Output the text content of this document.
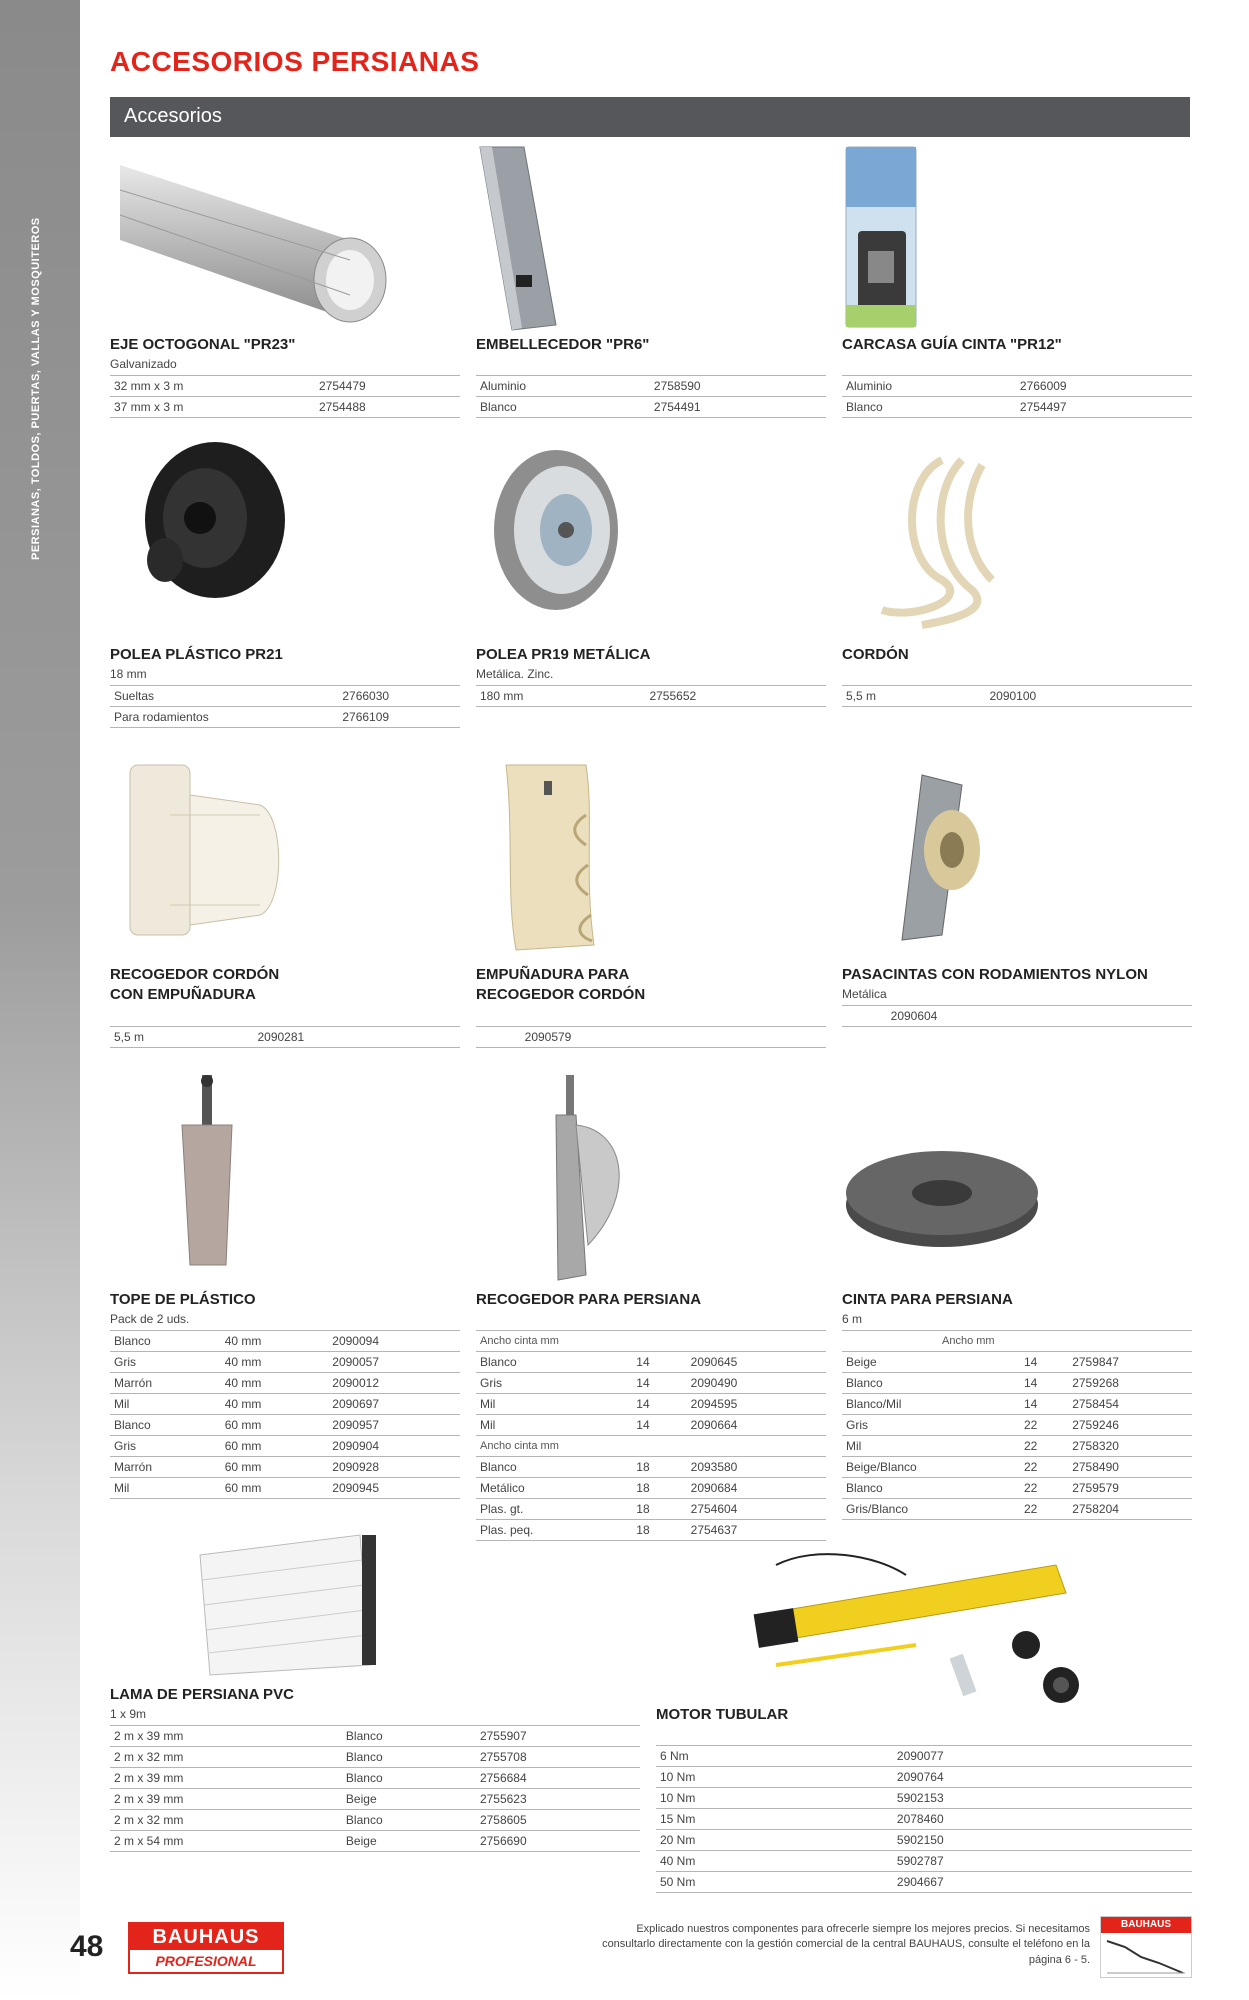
PERSIANAS, TOLDOS, PUERTAS, VALLAS Y MOSQUITEROS
ACCESORIOS PERSIANAS
Accesorios
EJE OCTOGONAL "PR23"
Galvanizado
32 mm x 3 m	2754479
37 mm x 3 m	2754488
EMBELLECEDOR "PR6"
Aluminio	2758590
Blanco	2754491
CARCASA GUÍA CINTA "PR12"
Aluminio	2766009
Blanco	2754497
POLEA PLÁSTICO PR21
18 mm
Sueltas	2766030
Para rodamientos	2766109
POLEA PR19 METÁLICA
Metálica. Zinc.
180 mm	2755652
CORDÓN
5,5 m	2090100
RECOGEDOR CORDÓN
CON EMPUÑADURA
5,5 m	2090281
EMPUÑADURA PARA
RECOGEDOR CORDÓN
	2090579
PASACINTAS CON RODAMIENTOS NYLON
Metálica
	2090604
TOPE DE PLÁSTICO
Pack de 2 uds.
Blanco	40 mm	2090094
Gris	40 mm	2090057
Marrón	40 mm	2090012
Mil	40 mm	2090697
Blanco	60 mm	2090957
Gris	60 mm	2090904
Marrón	60 mm	2090928
Mil	60 mm	2090945
RECOGEDOR PARA PERSIANA
Ancho cinta mm		
Blanco	14	2090645
Gris	14	2090490
Mil	14	2094595
Mil	14	2090664
Ancho cinta mm		
Blanco	18	2093580
Metálico	18	2090684
Plas. gt.	18	2754604
Plas. peq.	18	2754637
CINTA PARA PERSIANA
6 m
Ancho mm		
Beige	14	2759847
Blanco	14	2759268
Blanco/Mil	14	2758454
Gris	22	2759246
Mil	22	2758320
Beige/Blanco	22	2758490
Blanco	22	2759579
Gris/Blanco	22	2758204
LAMA DE PERSIANA PVC
1 x 9m
2 m x 39 mm	Blanco	2755907
2 m x 32 mm	Blanco	2755708
2 m x 39 mm	Blanco	2756684
2 m x 39 mm	Beige	2755623
2 m x 32 mm	Blanco	2758605
2 m x 54 mm	Beige	2756690
MOTOR TUBULAR
6 Nm	2090077
10 Nm	2090764
10 Nm	5902153
15 Nm	2078460
20 Nm	5902150
40 Nm	5902787
50 Nm	2904667
48	BAUHAUS
PROFESIONAL
Explicado nuestros componentes para ofrecerle siempre los mejores precios. Si necesitamos consultarlo directamente con la gestión comercial de la central BAUHAUS, consulte el teléfono en la página 6 - 5.
BAUHAUS
